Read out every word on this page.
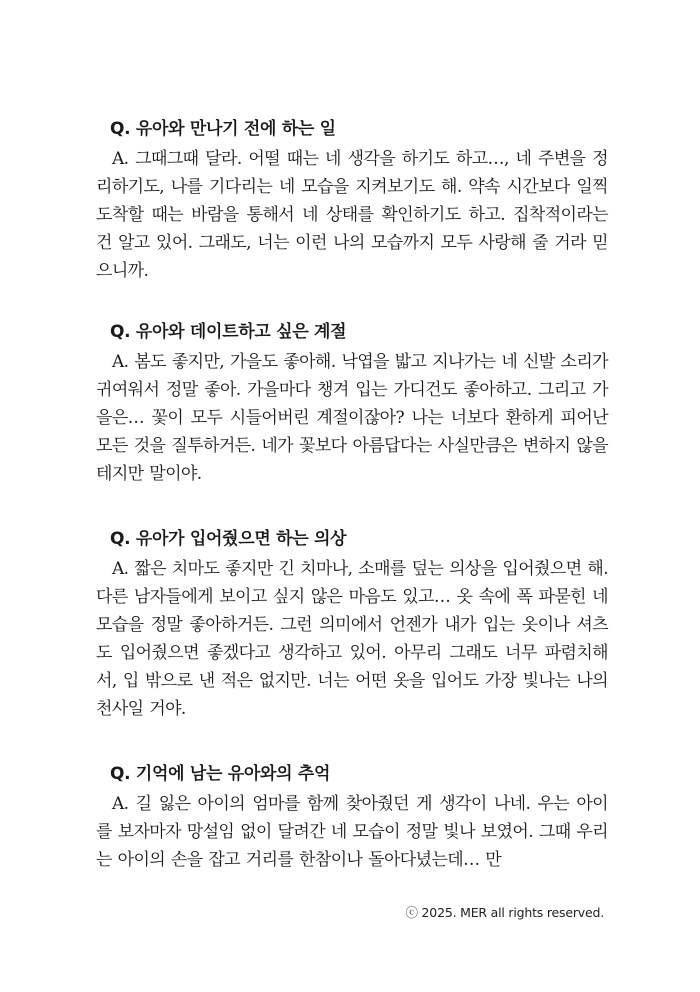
Q. 유아와 만나기 전에 하는 일

A. 그때그때 달라. 어떨 때는 네 생각을 하기도 하고…, 네 주변을 정리하기도, 나를 기다리는 네 모습을 지켜보기도 해. 약속 시간보다 일찍 도착할 때는 바람을 통해서 네 상태를 확인하기도 하고. 집착적이라는 건 알고 있어. 그래도, 너는 이런 나의 모습까지 모두 사랑해 줄 거라 믿으니까.

Q. 유아와 데이트하고 싶은 계절

A. 봄도 좋지만, 가을도 좋아해. 낙엽을 밟고 지나가는 네 신발 소리가 귀여워서 정말 좋아. 가을마다 챙겨 입는 가디건도 좋아하고. 그리고 가을은… 꽃이 모두 시들어버린 계절이잖아? 나는 너보다 환하게 피어난 모든 것을 질투하거든. 네가 꽃보다 아름답다는 사실만큼은 변하지 않을 테지만 말이야.

Q. 유아가 입어줬으면 하는 의상

A. 짧은 치마도 좋지만 긴 치마나, 소매를 덮는 의상을 입어줬으면 해. 다른 남자들에게 보이고 싶지 않은 마음도 있고… 옷 속에 폭 파묻힌 네 모습을 정말 좋아하거든. 그런 의미에서 언젠가 내가 입는 옷이나 셔츠도 입어줬으면 좋겠다고 생각하고 있어. 아무리 그래도 너무 파렴치해서, 입 밖으로 낸 적은 없지만. 너는 어떤 옷을 입어도 가장 빛나는 나의 천사일 거야.

Q. 기억에 남는 유아와의 추억

A. 길 잃은 아이의 엄마를 함께 찾아줬던 게 생각이 나네. 우는 아이를 보자마자 망설임 없이 달려간 네 모습이 정말 빛나 보였어. 그때 우리는 아이의 손을 잡고 거리를 한참이나 돌아다녔는데… 만

ⓒ 2025. MER all rights reserved.
